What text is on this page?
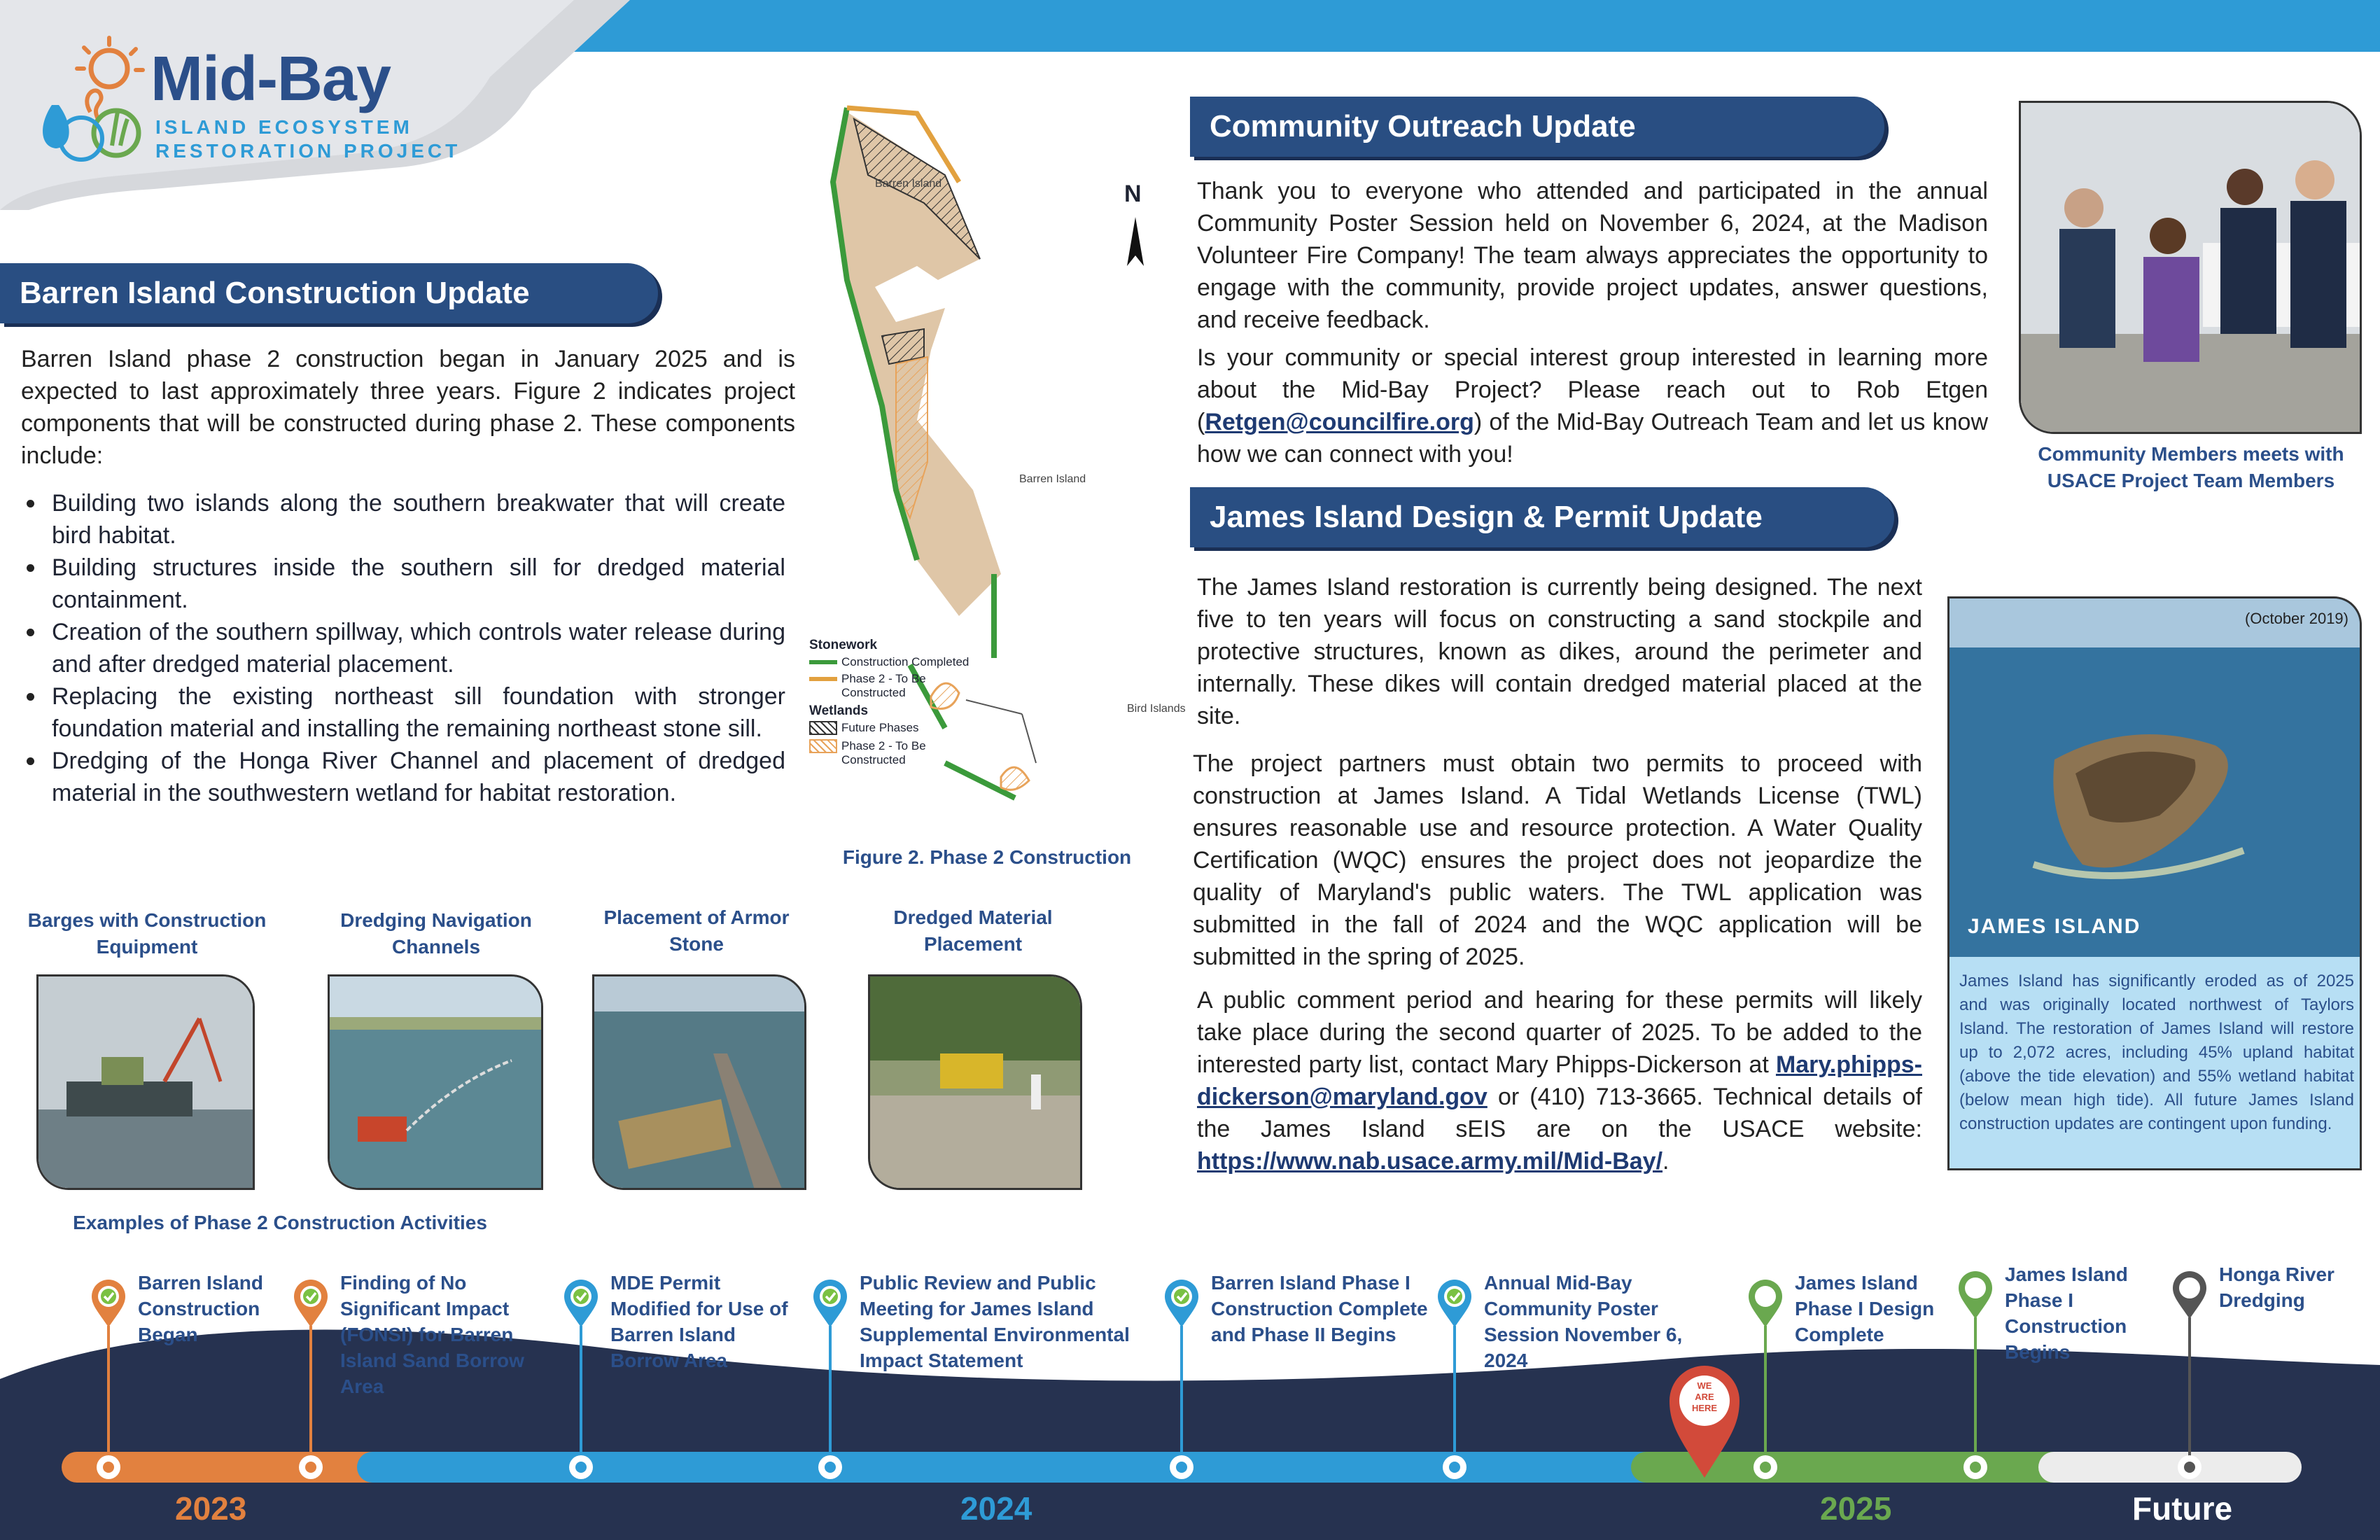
Mid-Bay
ISLAND ECOSYSTEM
RESTORATION PROJECT
Barren Island Construction Update
Barren Island phase 2 construction began in January 2025 and is expected to last approximately three years. Figure 2 indicates project components that will be constructed during phase 2. These components include:
Building two islands along the southern breakwater that will create bird habitat.
Building structures inside the southern sill for dredged material containment.
Creation of the southern spillway, which controls water release during and after dredged material placement.
Replacing the existing northeast sill foundation with stronger foundation material and installing the remaining northeast stone sill.
Dredging of the Honga River Channel and placement of dredged material in the southwestern wetland for habitat restoration.
N
Barren Island
Barren Island
Bird Islands
Stonework
Construction Completed
Phase 2 - To Be Constructed
Wetlands
Future Phases
Phase 2 - To Be Constructed
Figure 2. Phase 2 Construction
Barges with Construction Equipment
Dredging Navigation Channels
Placement of Armor Stone
Dredged Material Placement
Examples of Phase 2 Construction Activities
Community Outreach Update
Thank you to everyone who attended and participated in the annual Community Poster Session held on November 6, 2024, at the Madison Volunteer Fire Company! The team always appreciates the opportunity to engage with the community, provide project updates, answer questions, and receive feedback.
Is your community or special interest group interested in learning more about the Mid-Bay Project? Please reach out to Rob Etgen (Retgen@councilfire.org) of the Mid-Bay Outreach Team and let us know how we can connect with you!	Community Members meets with USACE Project Team Members
James Island Design & Permit Update
The James Island restoration is currently being designed. The next five to ten years will focus on constructing a sand stockpile and protective structures, known as dikes, around the perimeter and internally. These dikes will contain dredged material placed at the site.
The project partners must obtain two permits to proceed with construction at James Island. A Tidal Wetlands License (TWL) ensures reasonable use and resource protection. A Water Quality Certification (WQC) ensures the project does not jeopardize the quality of Maryland's public waters. The TWL application was submitted in the fall of 2024 and the WQC application will be submitted in the spring of 2025.
A public comment period and hearing for these permits will likely take place during the second quarter of 2025. To be added to the interested party list, contact Mary Phipps-Dickerson at Mary.phipps-dickerson@maryland.gov or (410) 713-3665. Technical details of the James Island sEIS are on the USACE website: https://www.nab.usace.army.mil/Mid-Bay/.
(October 2019)
JAMES ISLAND
James Island has significantly eroded as of 2025 and was originally located northwest of Taylors Island. The restoration of James Island will restore up to 2,072 acres, including 45% upland habitat (above the tide elevation) and 55% wetland habitat (below mean high tide). All future James Island construction updates are contingent upon funding.
2023	2024	2025	Future
WE
ARE
HERE
Barren Island Construction Began
Finding of No Significant Impact (FONSI) for Barren Island Sand Borrow Area
MDE Permit Modified for Use of Barren Island Borrow Area
Public Review and Public Meeting for James Island Supplemental Environmental Impact Statement
Barren Island Phase I Construction Complete and Phase II Begins
Annual Mid-Bay Community Poster Session November 6, 2024
James Island Phase I Design Complete
James Island Phase I Construction Begins
Honga River Dredging
